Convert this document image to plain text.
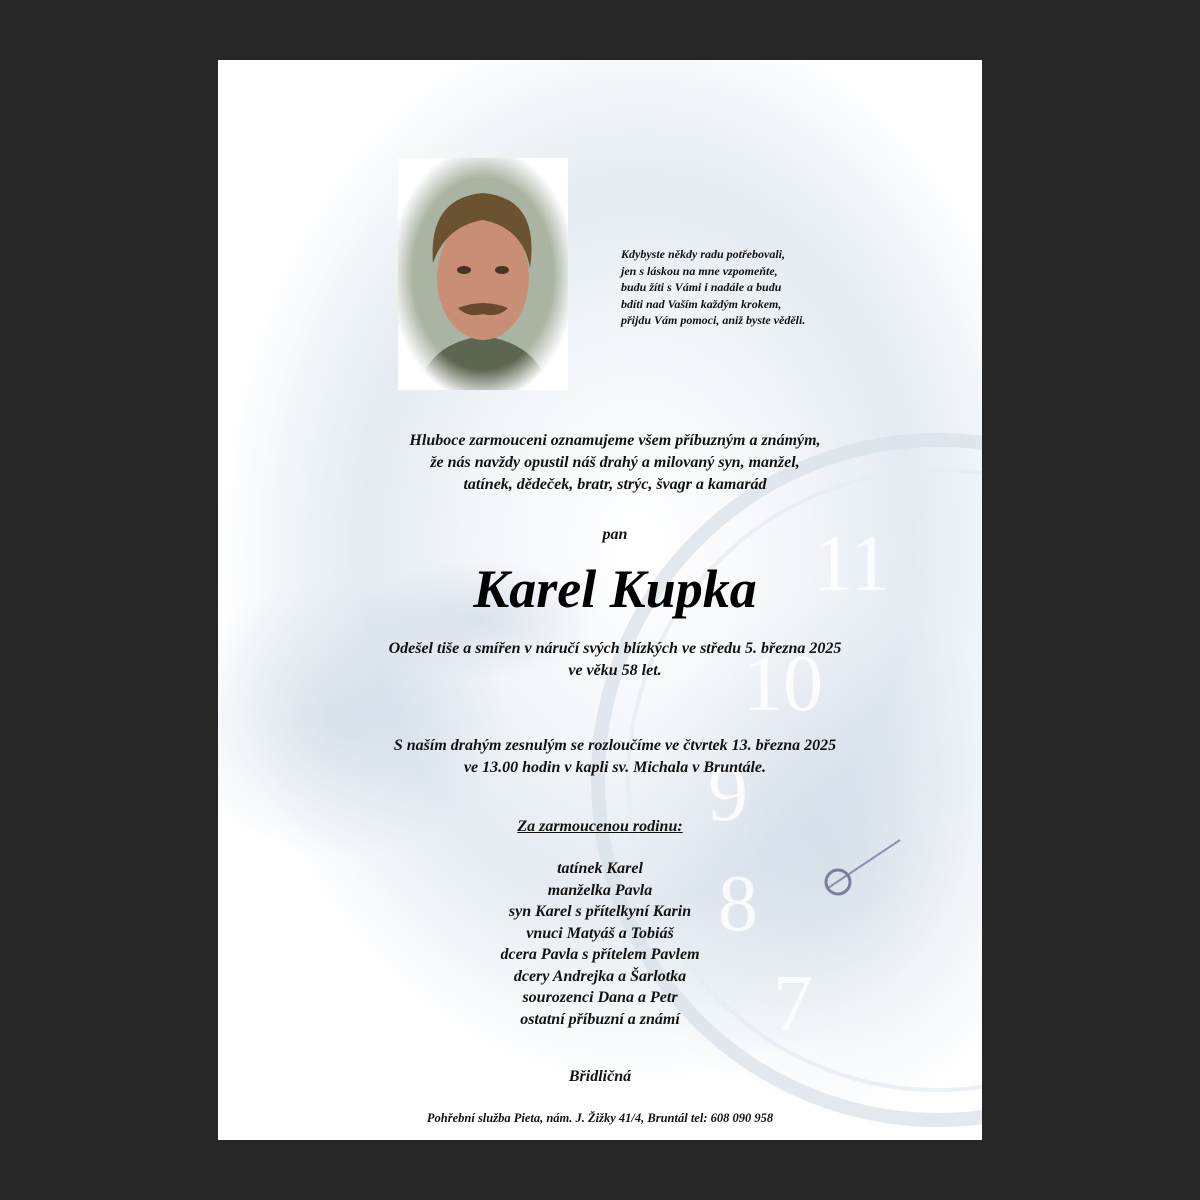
11
10
9
8
7
Kdybyste někdy radu potřebovali,
jen s láskou na mne vzpomeňte,
budu žíti s Vámi i nadále a budu
bdíti nad Vaším každým krokem,
přijdu Vám pomoci, aniž byste věděli.
Hluboce zarmouceni oznamujeme všem příbuzným a známým,
že nás navždy opustil náš drahý a milovaný syn, manžel,
tatínek, dědeček, bratr, strýc, švagr a kamarád
pan
Karel Kupka
Odešel tiše a smířen v náručí svých blízkých ve středu 5. března 2025
ve věku 58 let.
S naším drahým zesnulým se rozloučíme ve čtvrtek 13. března 2025
ve 13.00 hodin v kapli sv. Michala v Bruntále.
Za zarmoucenou rodinu:
tatínek Karel
manželka Pavla
syn Karel s přítelkyní Karin
vnuci Matyáš a Tobiáš
dcera Pavla s přítelem Pavlem
dcery Andrejka a Šarlotka
sourozenci Dana a Petr
ostatní příbuzní a známí
Břidličná
Pohřební služba Pieta, nám. J. Žižky 41/4, Bruntál tel: 608 090 958
